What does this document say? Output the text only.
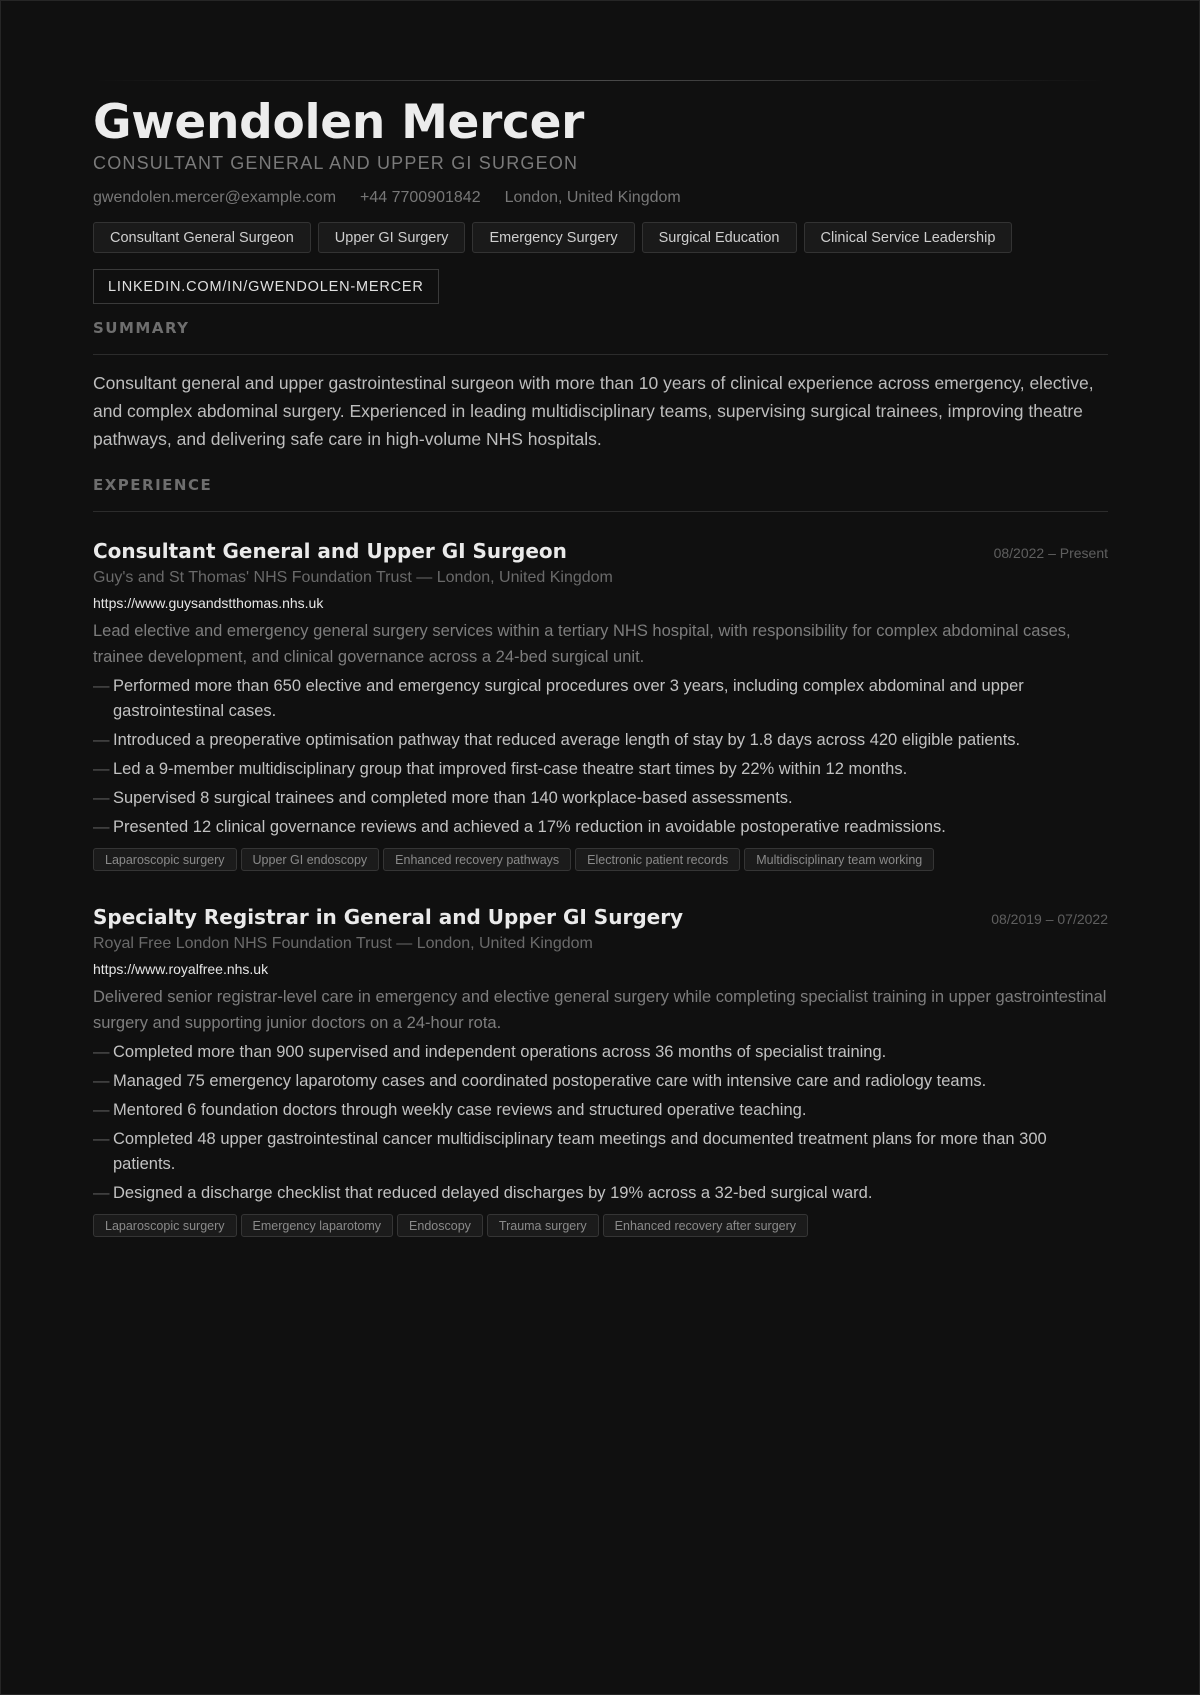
Gwendolen Mercer
CONSULTANT GENERAL AND UPPER GI SURGEON
gwendolen.mercer@example.com +44 7700901842 London, United Kingdom
Consultant General Surgeon	Upper GI Surgery	Emergency Surgery	Surgical Education	Clinical Service Leadership
LINKEDIN.COM/IN/GWENDOLEN-MERCER
SUMMARY

Consultant general and upper gastrointestinal surgeon with more than 10 years of clinical experience across emergency, elective, and complex abdominal surgery. Experienced in leading multidisciplinary teams, supervising surgical trainees, improving theatre pathways, and delivering safe care in high-volume NHS hospitals.

EXPERIENCE
Consultant General and Upper GI Surgeon	08/2022 – Present
Guy's and St Thomas' NHS Foundation Trust — London, United Kingdom
https://www.guysandstthomas.nhs.uk

Lead elective and emergency general surgery services within a tertiary NHS hospital, with responsibility for complex abdominal cases, trainee development, and clinical governance across a 24-bed surgical unit.

— Performed more than 650 elective and emergency surgical procedures over 3 years, including complex abdominal and upper gastrointestinal cases.
— Introduced a preoperative optimisation pathway that reduced average length of stay by 1.8 days across 420 eligible patients.
— Led a 9-member multidisciplinary group that improved first-case theatre start times by 22% within 12 months.
— Supervised 8 surgical trainees and completed more than 140 workplace-based assessments.
— Presented 12 clinical governance reviews and achieved a 17% reduction in avoidable postoperative readmissions.
Laparoscopic surgery	Upper GI endoscopy	Enhanced recovery pathways	Electronic patient records	Multidisciplinary team working
Specialty Registrar in General and Upper GI Surgery	08/2019 – 07/2022
Royal Free London NHS Foundation Trust — London, United Kingdom
https://www.royalfree.nhs.uk

Delivered senior registrar-level care in emergency and elective general surgery while completing specialist training in upper gastrointestinal surgery and supporting junior doctors on a 24-hour rota.

— Completed more than 900 supervised and independent operations across 36 months of specialist training.
— Managed 75 emergency laparotomy cases and coordinated postoperative care with intensive care and radiology teams.
— Mentored 6 foundation doctors through weekly case reviews and structured operative teaching.
— Completed 48 upper gastrointestinal cancer multidisciplinary team meetings and documented treatment plans for more than 300 patients.
— Designed a discharge checklist that reduced delayed discharges by 19% across a 32-bed surgical ward.
Laparoscopic surgery	Emergency laparotomy	Endoscopy	Trauma surgery	Enhanced recovery after surgery
